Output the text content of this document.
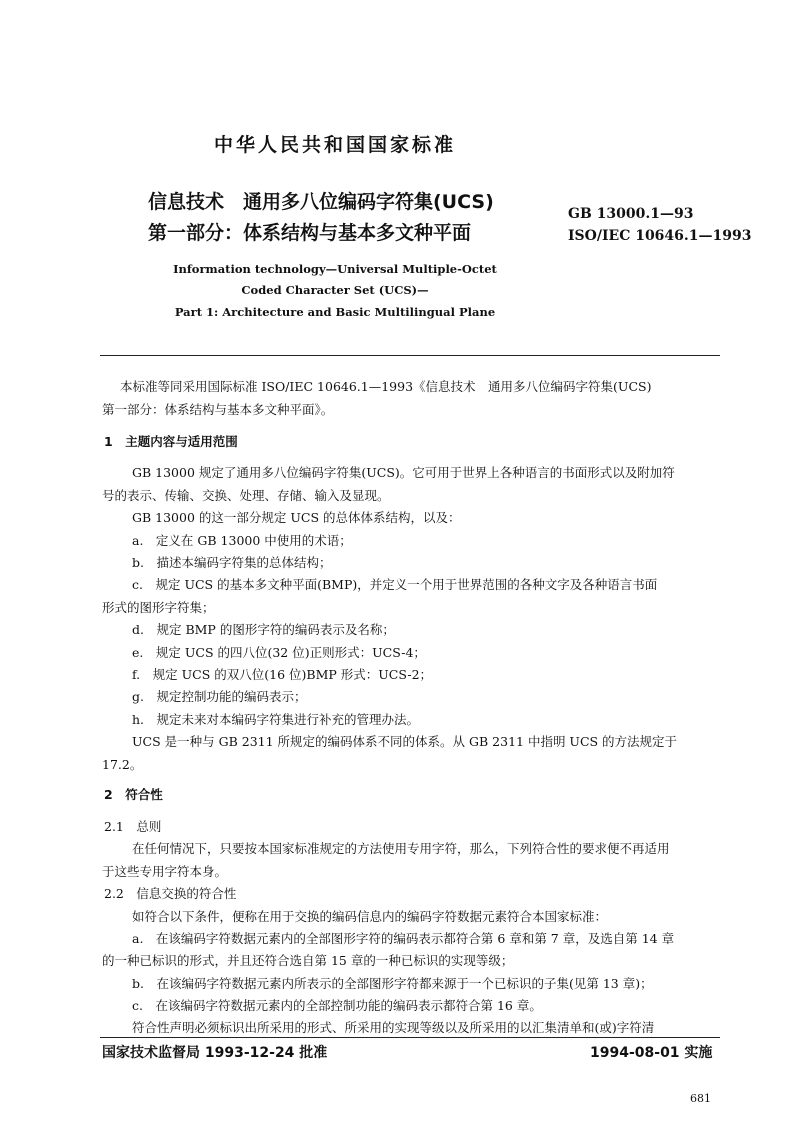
中华人民共和国国家标准
信息技术　通用多八位编码字符集(UCS)
第一部分：体系结构与基本多文种平面
GB 13000.1—93
ISO/IEC 10646.1—1993
Information technology—Universal Multiple-Octet
Coded Character Set (UCS)—
Part 1: Architecture and Basic Multilingual Plane
本标准等同采用国际标准 ISO/IEC 10646.1—1993《信息技术　通用多八位编码字符集(UCS)
第一部分：体系结构与基本多文种平面》。
1　主题内容与适用范围
GB 13000 规定了通用多八位编码字符集(UCS)。它可用于世界上各种语言的书面形式以及附加符
号的表示、传输、交换、处理、存储、输入及显现。
GB 13000 的这一部分规定 UCS 的总体体系结构，以及：
a.　定义在 GB 13000 中使用的术语；
b.　描述本编码字符集的总体结构；
c.　规定 UCS 的基本多文种平面(BMP)，并定义一个用于世界范围的各种文字及各种语言书面
形式的图形字符集；
d.　规定 BMP 的图形字符的编码表示及名称；
e.　规定 UCS 的四八位(32 位)正则形式：UCS-4；
f.　规定 UCS 的双八位(16 位)BMP 形式：UCS-2；
g.　规定控制功能的编码表示；
h.　规定未来对本编码字符集进行补充的管理办法。
UCS 是一种与 GB 2311 所规定的编码体系不同的体系。从 GB 2311 中指明 UCS 的方法规定于
17.2。
2　符合性
2.1　总则
在任何情况下，只要按本国家标准规定的方法使用专用字符，那么，下列符合性的要求便不再适用
于这些专用字符本身。
2.2　信息交换的符合性
如符合以下条件，便称在用于交换的编码信息内的编码字符数据元素符合本国家标准：
a.　在该编码字符数据元素内的全部图形字符的编码表示都符合第 6 章和第 7 章，及选自第 14 章
的一种已标识的形式，并且还符合选自第 15 章的一种已标识的实现等级；
b.　在该编码字符数据元素内所表示的全部图形字符都来源于一个已标识的子集(见第 13 章)；
c.　在该编码字符数据元素内的全部控制功能的编码表示都符合第 16 章。
符合性声明必须标识出所采用的形式、所采用的实现等级以及所采用的以汇集清单和(或)字符清
国家技术监督局 1993-12-24 批准	1994-08-01 实施
681
